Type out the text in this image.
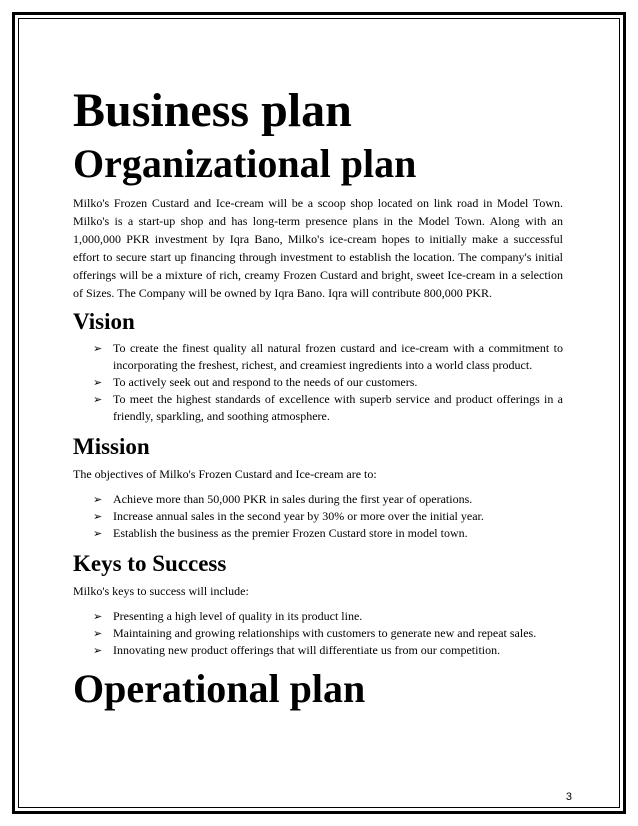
Business plan
Organizational plan

Milko's Frozen Custard and Ice-cream will be a scoop shop located on link road in Model Town. Milko's is a start-up shop and has long-term presence plans in the Model Town. Along with an 1,000,000 PKR investment by Iqra Bano, Milko's ice-cream hopes to initially make a successful effort to secure start up financing through investment to establish the location. The company's initial offerings will be a mixture of rich, creamy Frozen Custard and bright, sweet Ice-cream in a selection of Sizes. The Company will be owned by Iqra Bano. Iqra will contribute 800,000 PKR.

Vision
➢ To create the finest quality all natural frozen custard and ice-cream with a commitment to incorporating the freshest, richest, and creamiest ingredients into a world class product.
➢ To actively seek out and respond to the needs of our customers.
➢ To meet the highest standards of excellence with superb service and product offerings in a friendly, sparkling, and soothing atmosphere.
Mission

The objectives of Milko's Frozen Custard and Ice-cream are to:

➢ Achieve more than 50,000 PKR in sales during the first year of operations.
➢ Increase annual sales in the second year by 30% or more over the initial year.
➢ Establish the business as the premier Frozen Custard store in model town.
Keys to Success

Milko's keys to success will include:

➢ Presenting a high level of quality in its product line.
➢ Maintaining and growing relationships with customers to generate new and repeat sales.
➢ Innovating new product offerings that will differentiate us from our competition.
Operational plan
3
